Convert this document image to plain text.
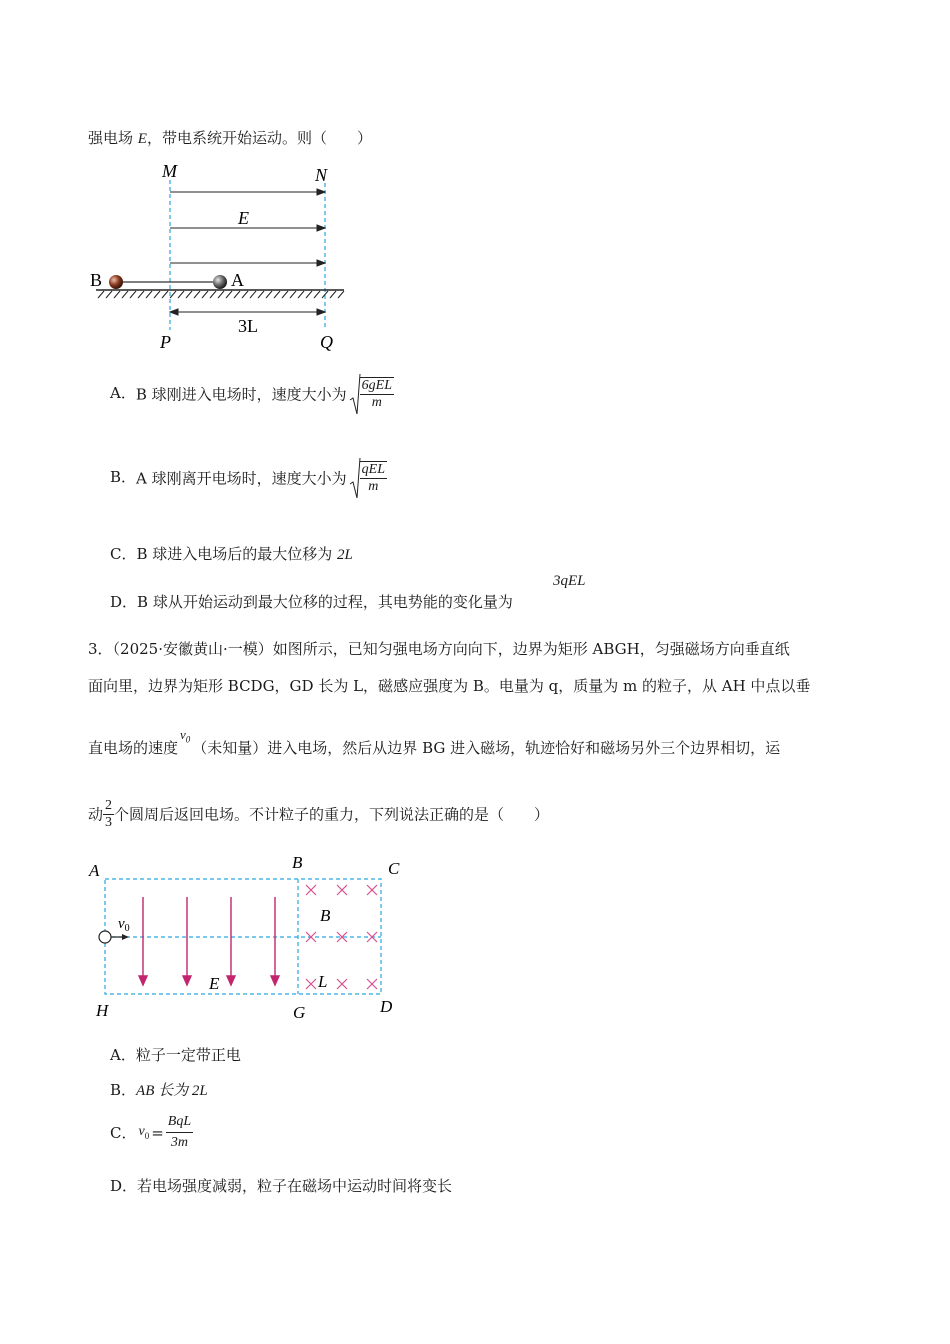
强电场 E，带电系统开始运动。则（　　）
M	N
E
B	A
3L
P	Q
A．B 球刚进入电场时，速度大小为 $\frac{\text{6gEL}}{m}$
B．A 球刚离开电场时，速度大小为 $\frac{\text{qEL}}{m}$
C．B 球进入电场后的最大位移为 2L
D．B 球从开始运动到最大位移的过程，其电势能的变化量为
3qEL
3．（2025·安徽黄山·一模）如图所示，已知匀强电场方向向下，边界为矩形 ABGH，匀强磁场方向垂直纸
面向里，边界为矩形 BCDG，GD 长为 L，磁感应强度为 B。电量为 q，质量为 m 的粒子，从 AH 中点以垂
直电场的速度$v_0$ （未知量）进入电场，然后从边界 BG 进入磁场，轨迹恰好和磁场另外三个边界相切，运
动 $\frac{2}{3}$ 个圆周后返回电场。不计粒子的重力，下列说法正确的是（　　）
A	B	C
B
$v_0$
E	L
H	G	D
A．粒子一定带正电
B．AB 长为 2L
C． $v_0 = \frac{\text{BqL}}{3m}$
D．若电场强度减弱，粒子在磁场中运动时间将变长
